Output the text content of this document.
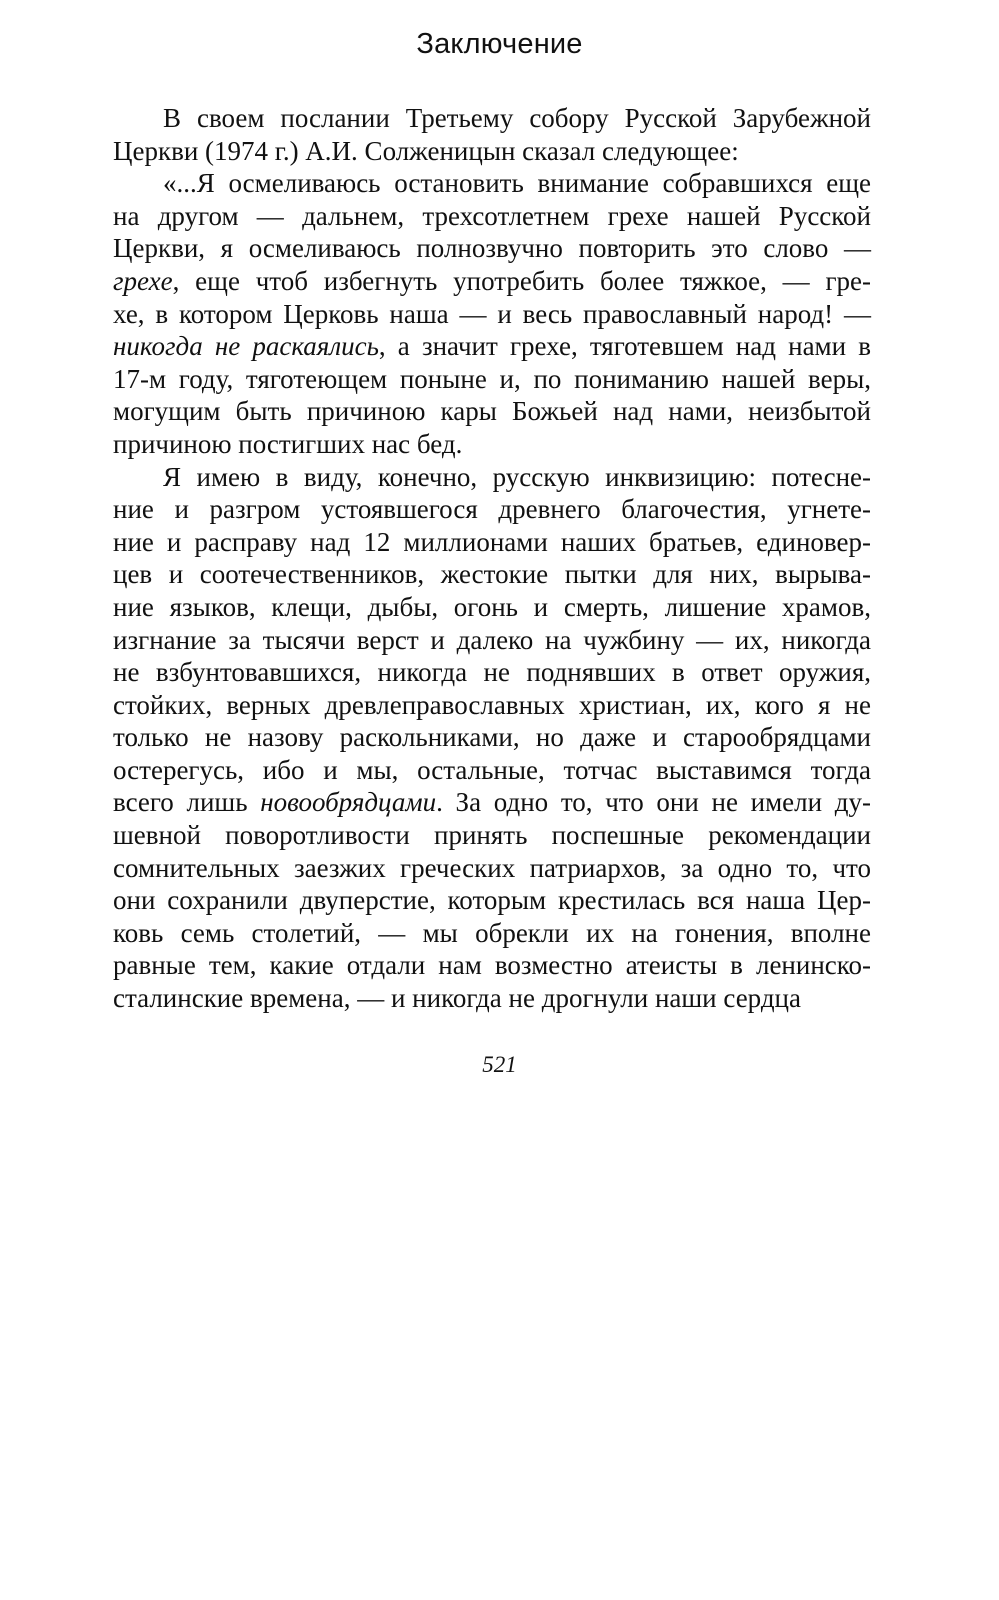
Заключение
В своем послании Третьему собору Русской Зарубежной
Церкви (1974 г.) А.И. Солженицын сказал следующее:
«...Я осмеливаюсь остановить внимание собравшихся еще
на другом — дальнем, трехсотлетнем грехе нашей Русской
Церкви, я осмеливаюсь полнозвучно повторить это слово —
грехе, еще чтоб избегнуть употребить более тяжкое, — гре-
хе, в котором Церковь наша — и весь православный народ! —
никогда не раскаялись, а значит грехе, тяготевшем над нами в
17-м году, тяготеющем поныне и, по пониманию нашей веры,
могущим быть причиною кары Божьей над нами, неизбытой
причиною постигших нас бед.
Я имею в виду, конечно, русскую инквизицию: потесне-
ние и разгром устоявшегося древнего благочестия, угнете-
ние и расправу над 12 миллионами наших братьев, единовер-
цев и соотечественников, жестокие пытки для них, вырыва-
ние языков, клещи, дыбы, огонь и смерть, лишение храмов,
изгнание за тысячи верст и далеко на чужбину — их, никогда
не взбунтовавшихся, никогда не поднявших в ответ оружия,
стойких, верных древлеправославных христиан, их, кого я не
только не назову раскольниками, но даже и старообрядцами
остерегусь, ибо и мы, остальные, тотчас выставимся тогда
всего лишь новообрядцами. За одно то, что они не имели ду-
шевной поворотливости принять поспешные рекомендации
сомнительных заезжих греческих патриархов, за одно то, что
они сохранили двуперстие, которым крестилась вся наша Цер-
ковь семь столетий, — мы обрекли их на гонения, вполне
равные тем, какие отдали нам возместно атеисты в ленинско-
сталинские времена, — и никогда не дрогнули наши сердца
521
